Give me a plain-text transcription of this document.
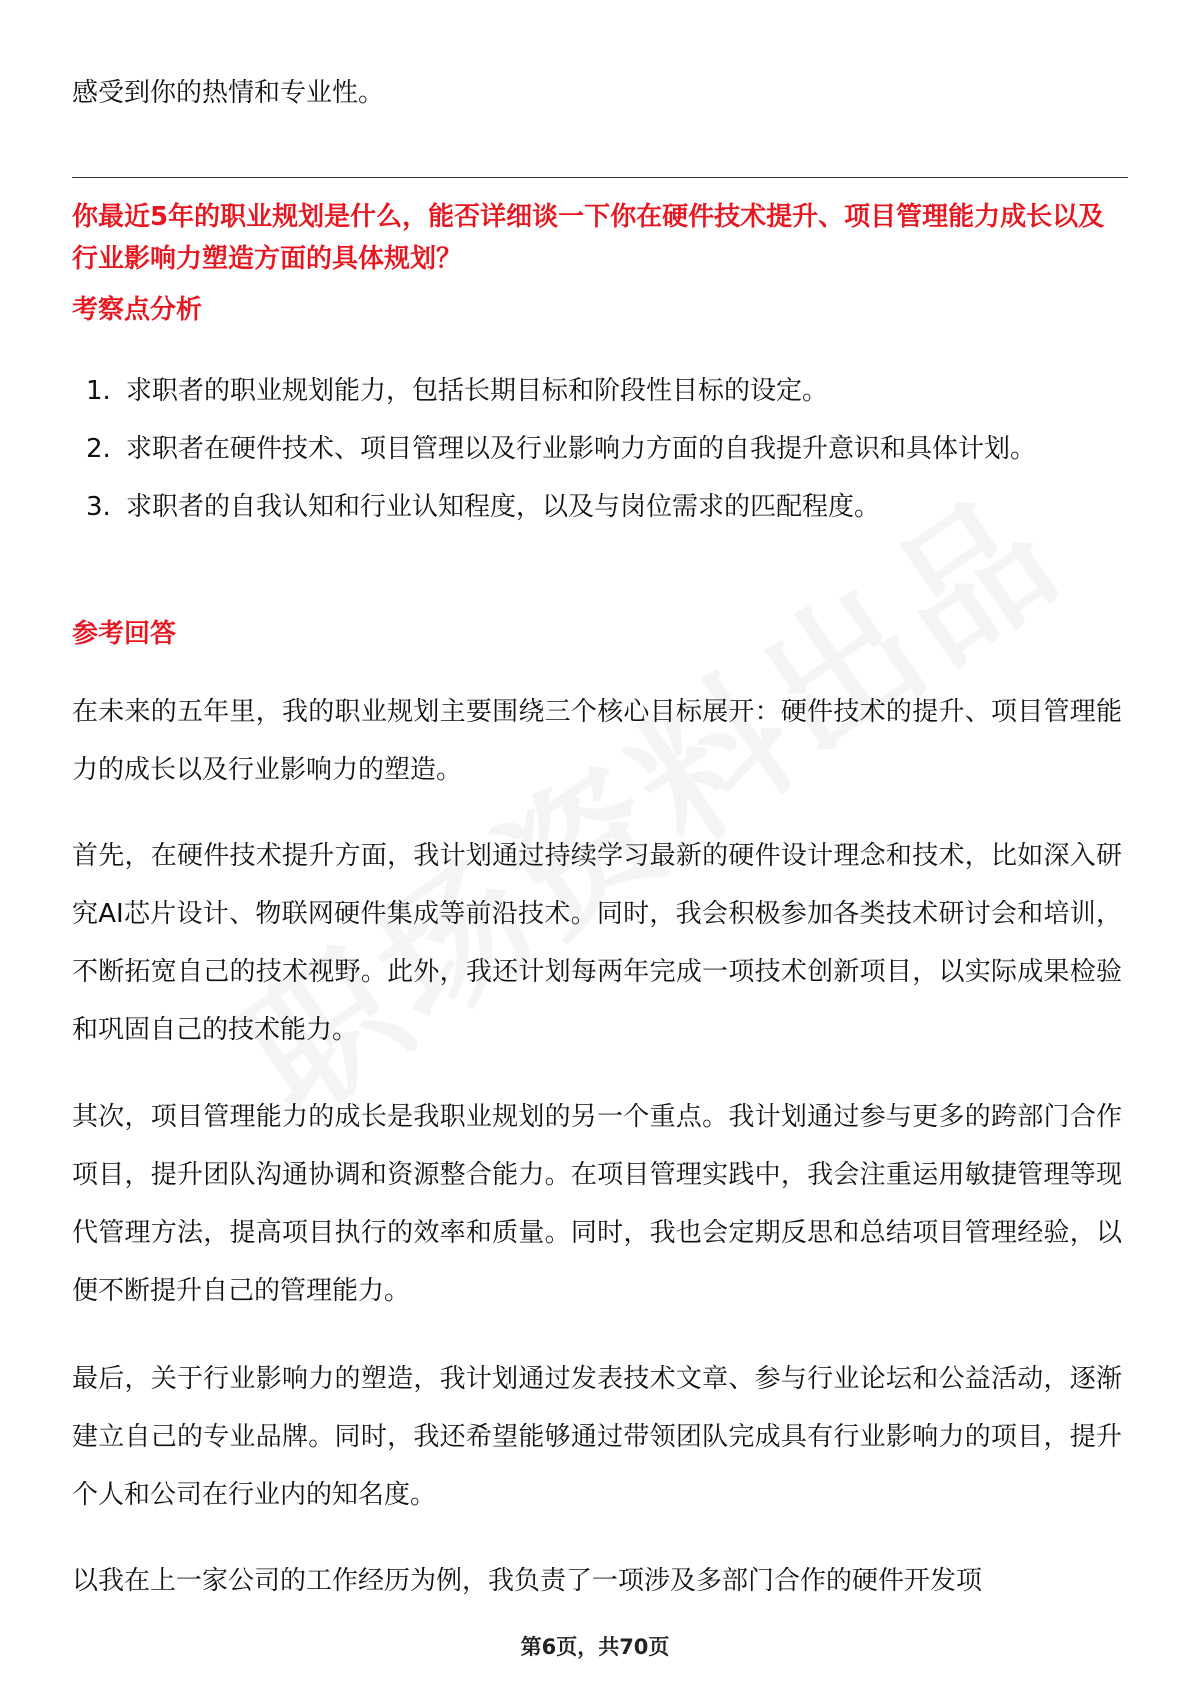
感受到你的热情和专业性。

你最近5年的职业规划是什么，能否详细谈一下你在硬件技术提升、项目管理能力成长以及行业影响力塑造方面的具体规划？

考察点分析
1. 求职者的职业规划能力，包括长期目标和阶段性目标的设定。
2. 求职者在硬件技术、项目管理以及行业影响力方面的自我提升意识和具体计划。
3. 求职者的自我认知和行业认知程度，以及与岗位需求的匹配程度。
参考回答

在未来的五年里，我的职业规划主要围绕三个核心目标展开：硬件技术的提升、项目管理能力的成长以及行业影响力的塑造。

首先，在硬件技术提升方面，我计划通过持续学习最新的硬件设计理念和技术，比如深入研究AI芯片设计、物联网硬件集成等前沿技术。同时，我会积极参加各类技术研讨会和培训，不断拓宽自己的技术视野。此外，我还计划每两年完成一项技术创新项目，以实际成果检验和巩固自己的技术能力。

其次，项目管理能力的成长是我职业规划的另一个重点。我计划通过参与更多的跨部门合作项目，提升团队沟通协调和资源整合能力。在项目管理实践中，我会注重运用敏捷管理等现代管理方法，提高项目执行的效率和质量。同时，我也会定期反思和总结项目管理经验，以便不断提升自己的管理能力。

最后，关于行业影响力的塑造，我计划通过发表技术文章、参与行业论坛和公益活动，逐渐建立自己的专业品牌。同时，我还希望能够通过带领团队完成具有行业影响力的项目，提升个人和公司在行业内的知名度。

以我在上一家公司的工作经历为例，我负责了一项涉及多部门合作的硬件开发项

第6页，共70页
